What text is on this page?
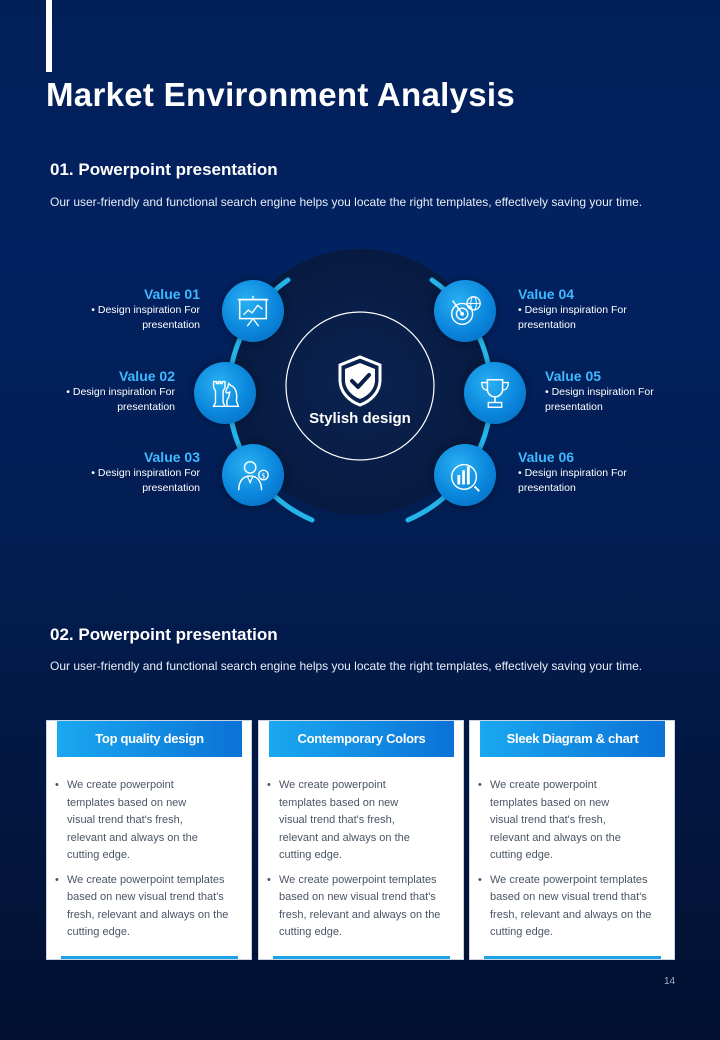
Market Environment Analysis
01. Powerpoint presentation
Our user-friendly and functional search engine helps you locate the right templates, effectively saving your time.
Stylish design
$
Value 01
• Design inspiration For presentation
Value 02
• Design inspiration For presentation
Value 03
• Design inspiration For presentation
Value 04
• Design inspiration For presentation
Value 05
• Design inspiration For presentation
Value 06
• Design inspiration For presentation
02. Powerpoint presentation
Our user-friendly and functional search engine helps you locate the right templates, effectively saving your time.
Top quality design
• We create powerpoint templates based on new visual trend that's fresh, relevant and always on the cutting edge.
• We create powerpoint templates based on new visual trend that's fresh, relevant and always on the cutting edge.
Contemporary Colors
• We create powerpoint templates based on new visual trend that's fresh, relevant and always on the cutting edge.
• We create powerpoint templates based on new visual trend that's fresh, relevant and always on the cutting edge.
Sleek Diagram & chart
• We create powerpoint templates based on new visual trend that's fresh, relevant and always on the cutting edge.
• We create powerpoint templates based on new visual trend that's fresh, relevant and always on the cutting edge.
14
